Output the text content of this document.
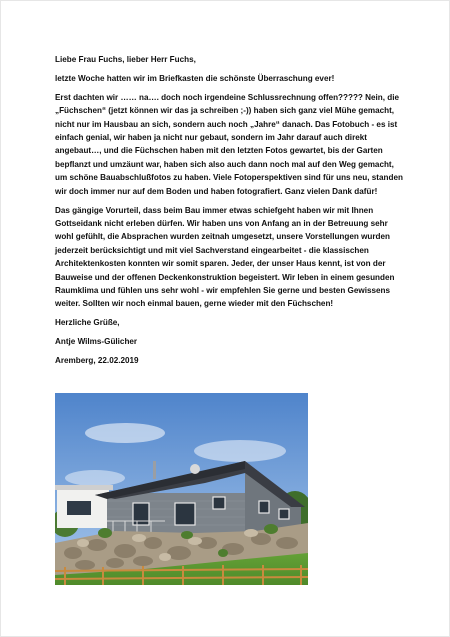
Liebe Frau Fuchs, lieber Herr Fuchs,

letzte Woche hatten wir im Briefkasten die schönste Überraschung ever!

Erst dachten wir …… na…. doch noch irgendeine Schlussrechnung offen????? Nein, die „Füchschen“ (jetzt können wir das ja schreiben ;-)) haben sich ganz viel Mühe gemacht, nicht nur im Hausbau an sich, sondern auch noch „Jahre“ danach. Das Fotobuch - es ist einfach genial, wir haben ja nicht nur gebaut, sondern im Jahr darauf auch direkt angebaut…, und die Füchschen haben mit den letzten Fotos gewartet, bis der Garten bepflanzt und umzäunt war, haben sich also auch dann noch mal auf den Weg gemacht, um schöne Bauabschlußfotos zu haben. Viele Fotoperspektiven sind für uns neu, standen wir doch immer nur auf dem Boden und haben fotografiert. Ganz vielen Dank dafür!

Das gängige Vorurteil, dass beim Bau immer etwas schiefgeht haben wir mit Ihnen Gottseidank nicht erleben dürfen. Wir haben uns von Anfang an in der Betreuung sehr wohl gefühlt, die Absprachen wurden zeitnah umgesetzt, unsere Vorstellungen wurden jederzeit berücksichtigt und mit viel Sachverstand eingearbeitet - die klassischen Architektenkosten konnten wir somit sparen. Jeder, der unser Haus kennt, ist von der Bauweise und der offenen Deckenkonstruktion begeistert. Wir leben in einem gesunden Raumklima und fühlen uns sehr wohl - wir empfehlen Sie gerne und besten Gewissens weiter. Sollten wir noch einmal bauen, gerne wieder mit den Füchschen!

Herzliche Grüße,

Antje Wilms-Gülicher

Aremberg, 22.02.2019
